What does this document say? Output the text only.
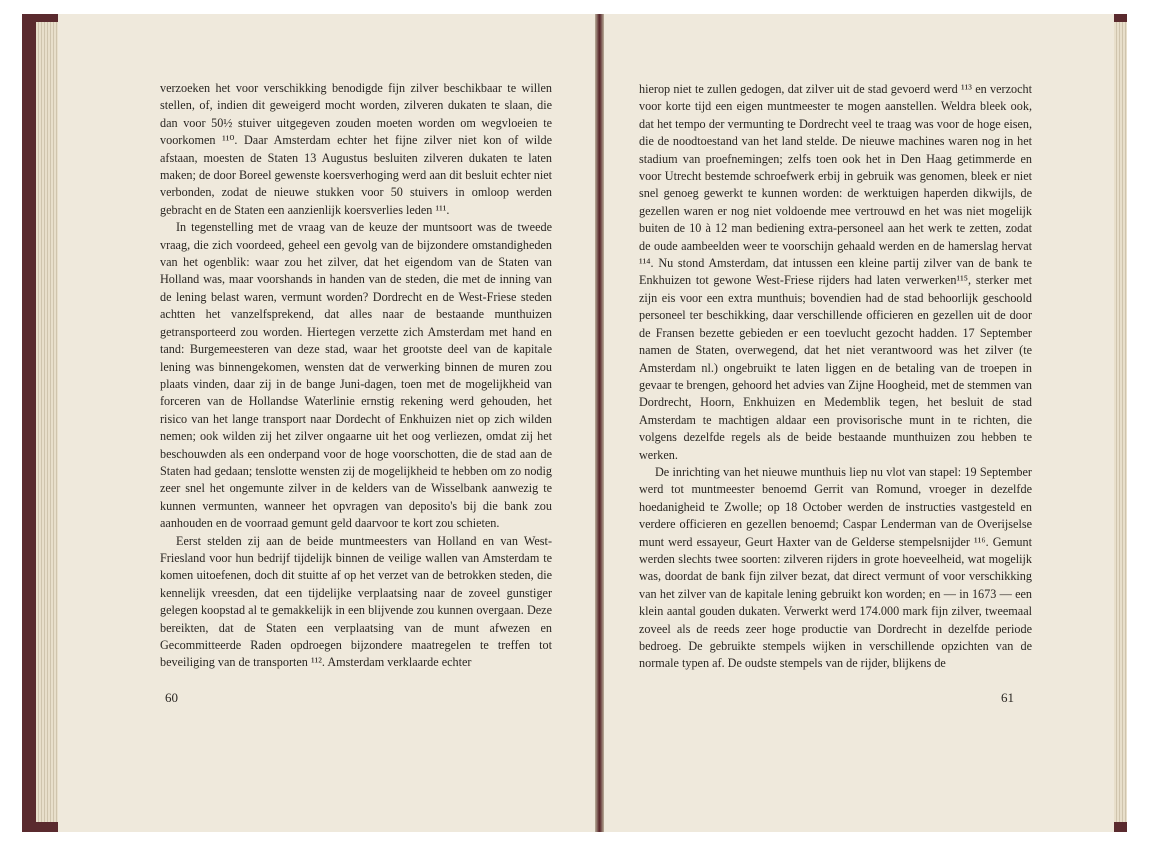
verzoeken het voor verschikking benodigde fijn zilver beschikbaar te willen stellen, of, indien dit geweigerd mocht worden, zilveren dukaten te slaan, die dan voor 50½ stuiver uitgegeven zouden moeten worden om wegvloeien te voorkomen ¹¹⁰. Daar Amsterdam echter het fijne zilver niet kon of wilde afstaan, moesten de Staten 13 Augustus besluiten zilveren dukaten te laten maken; de door Boreel gewenste koersverhoging werd aan dit besluit echter niet verbonden, zodat de nieuwe stukken voor 50 stuivers in omloop werden gebracht en de Staten een aanzienlijk koersverlies leden ¹¹¹.

In tegenstelling met de vraag van de keuze der muntsoort was de tweede vraag, die zich voordeed, geheel een gevolg van de bijzondere omstandigheden van het ogenblik: waar zou het zilver, dat het eigendom van de Staten van Holland was, maar voorshands in handen van de steden, die met de inning van de lening belast waren, vermunt worden? Dordrecht en de West-Friese steden achtten het vanzelfsprekend, dat alles naar de bestaande munthuizen getransporteerd zou worden. Hiertegen verzette zich Amsterdam met hand en tand: Burgemeesteren van deze stad, waar het grootste deel van de kapitale lening was binnengekomen, wensten dat de verwerking binnen de muren zou plaats vinden, daar zij in de bange Juni-dagen, toen met de mogelijkheid van forceren van de Hollandse Waterlinie ernstig rekening werd gehouden, het risico van het lange transport naar Dordecht of Enkhuizen niet op zich wilden nemen; ook wilden zij het zilver ongaarne uit het oog verliezen, omdat zij het beschouwden als een onderpand voor de hoge voorschotten, die de stad aan de Staten had gedaan; tenslotte wensten zij de mogelijkheid te hebben om zo nodig zeer snel het ongemunte zilver in de kelders van de Wisselbank aanwezig te kunnen vermunten, wanneer het opvragen van deposito's bij die bank zou aanhouden en de voorraad gemunt geld daarvoor te kort zou schieten.

Eerst stelden zij aan de beide muntmeesters van Holland en van West-Friesland voor hun bedrijf tijdelijk binnen de veilige wallen van Amsterdam te komen uitoefenen, doch dit stuitte af op het verzet van de betrokken steden, die kennelijk vreesden, dat een tijdelijke verplaatsing naar de zoveel gunstiger gelegen koopstad al te gemakkelijk in een blijvende zou kunnen overgaan. Deze bereikten, dat de Staten een verplaatsing van de munt afwezen en Gecommitteerde Raden opdroegen bijzondere maatregelen te treffen tot beveiliging van de transporten ¹¹². Amsterdam verklaarde echter

60

hierop niet te zullen gedogen, dat zilver uit de stad gevoerd werd ¹¹³ en verzocht voor korte tijd een eigen muntmeester te mogen aanstellen. Weldra bleek ook, dat het tempo der vermunting te Dordrecht veel te traag was voor de hoge eisen, die de noodtoestand van het land stelde. De nieuwe machines waren nog in het stadium van proefnemingen; zelfs toen ook het in Den Haag getimmerde en voor Utrecht bestemde schroefwerk erbij in gebruik was genomen, bleek er niet snel genoeg gewerkt te kunnen worden: de werktuigen haperden dikwijls, de gezellen waren er nog niet voldoende mee vertrouwd en het was niet mogelijk buiten de 10 à 12 man bediening extra-personeel aan het werk te zetten, zodat de oude aambeelden weer te voorschijn gehaald werden en de hamerslag hervat ¹¹⁴. Nu stond Amsterdam, dat intussen een kleine partij zilver van de bank te Enkhuizen tot gewone West-Friese rijders had laten verwerken¹¹⁵, sterker met zijn eis voor een extra munthuis; bovendien had de stad behoorlijk geschoold personeel ter beschikking, daar verschillende officieren en gezellen uit de door de Fransen bezette gebieden er een toevlucht gezocht hadden. 17 September namen de Staten, overwegend, dat het niet verantwoord was het zilver (te Amsterdam nl.) ongebruikt te laten liggen en de betaling van de troepen in gevaar te brengen, gehoord het advies van Zijne Hoogheid, met de stemmen van Dordrecht, Hoorn, Enkhuizen en Medemblik tegen, het besluit de stad Amsterdam te machtigen aldaar een provisorische munt in te richten, die volgens dezelfde regels als de beide bestaande munthuizen zou hebben te werken.

De inrichting van het nieuwe munthuis liep nu vlot van stapel: 19 September werd tot muntmeester benoemd Gerrit van Romund, vroeger in dezelfde hoedanigheid te Zwolle; op 18 October werden de instructies vastgesteld en verdere officieren en gezellen benoemd; Caspar Lenderman van de Overijselse munt werd essayeur, Geurt Haxter van de Gelderse stempelsnijder ¹¹⁶. Gemunt werden slechts twee soorten: zilveren rijders in grote hoeveelheid, wat mogelijk was, doordat de bank fijn zilver bezat, dat direct vermunt of voor verschikking van het zilver van de kapitale lening gebruikt kon worden; en — in 1673 — een klein aantal gouden dukaten. Verwerkt werd 174.000 mark fijn zilver, tweemaal zoveel als de reeds zeer hoge productie van Dordrecht in dezelfde periode bedroeg. De gebruikte stempels wijken in verschillende opzichten van de normale typen af. De oudste stempels van de rijder, blijkens de

61
